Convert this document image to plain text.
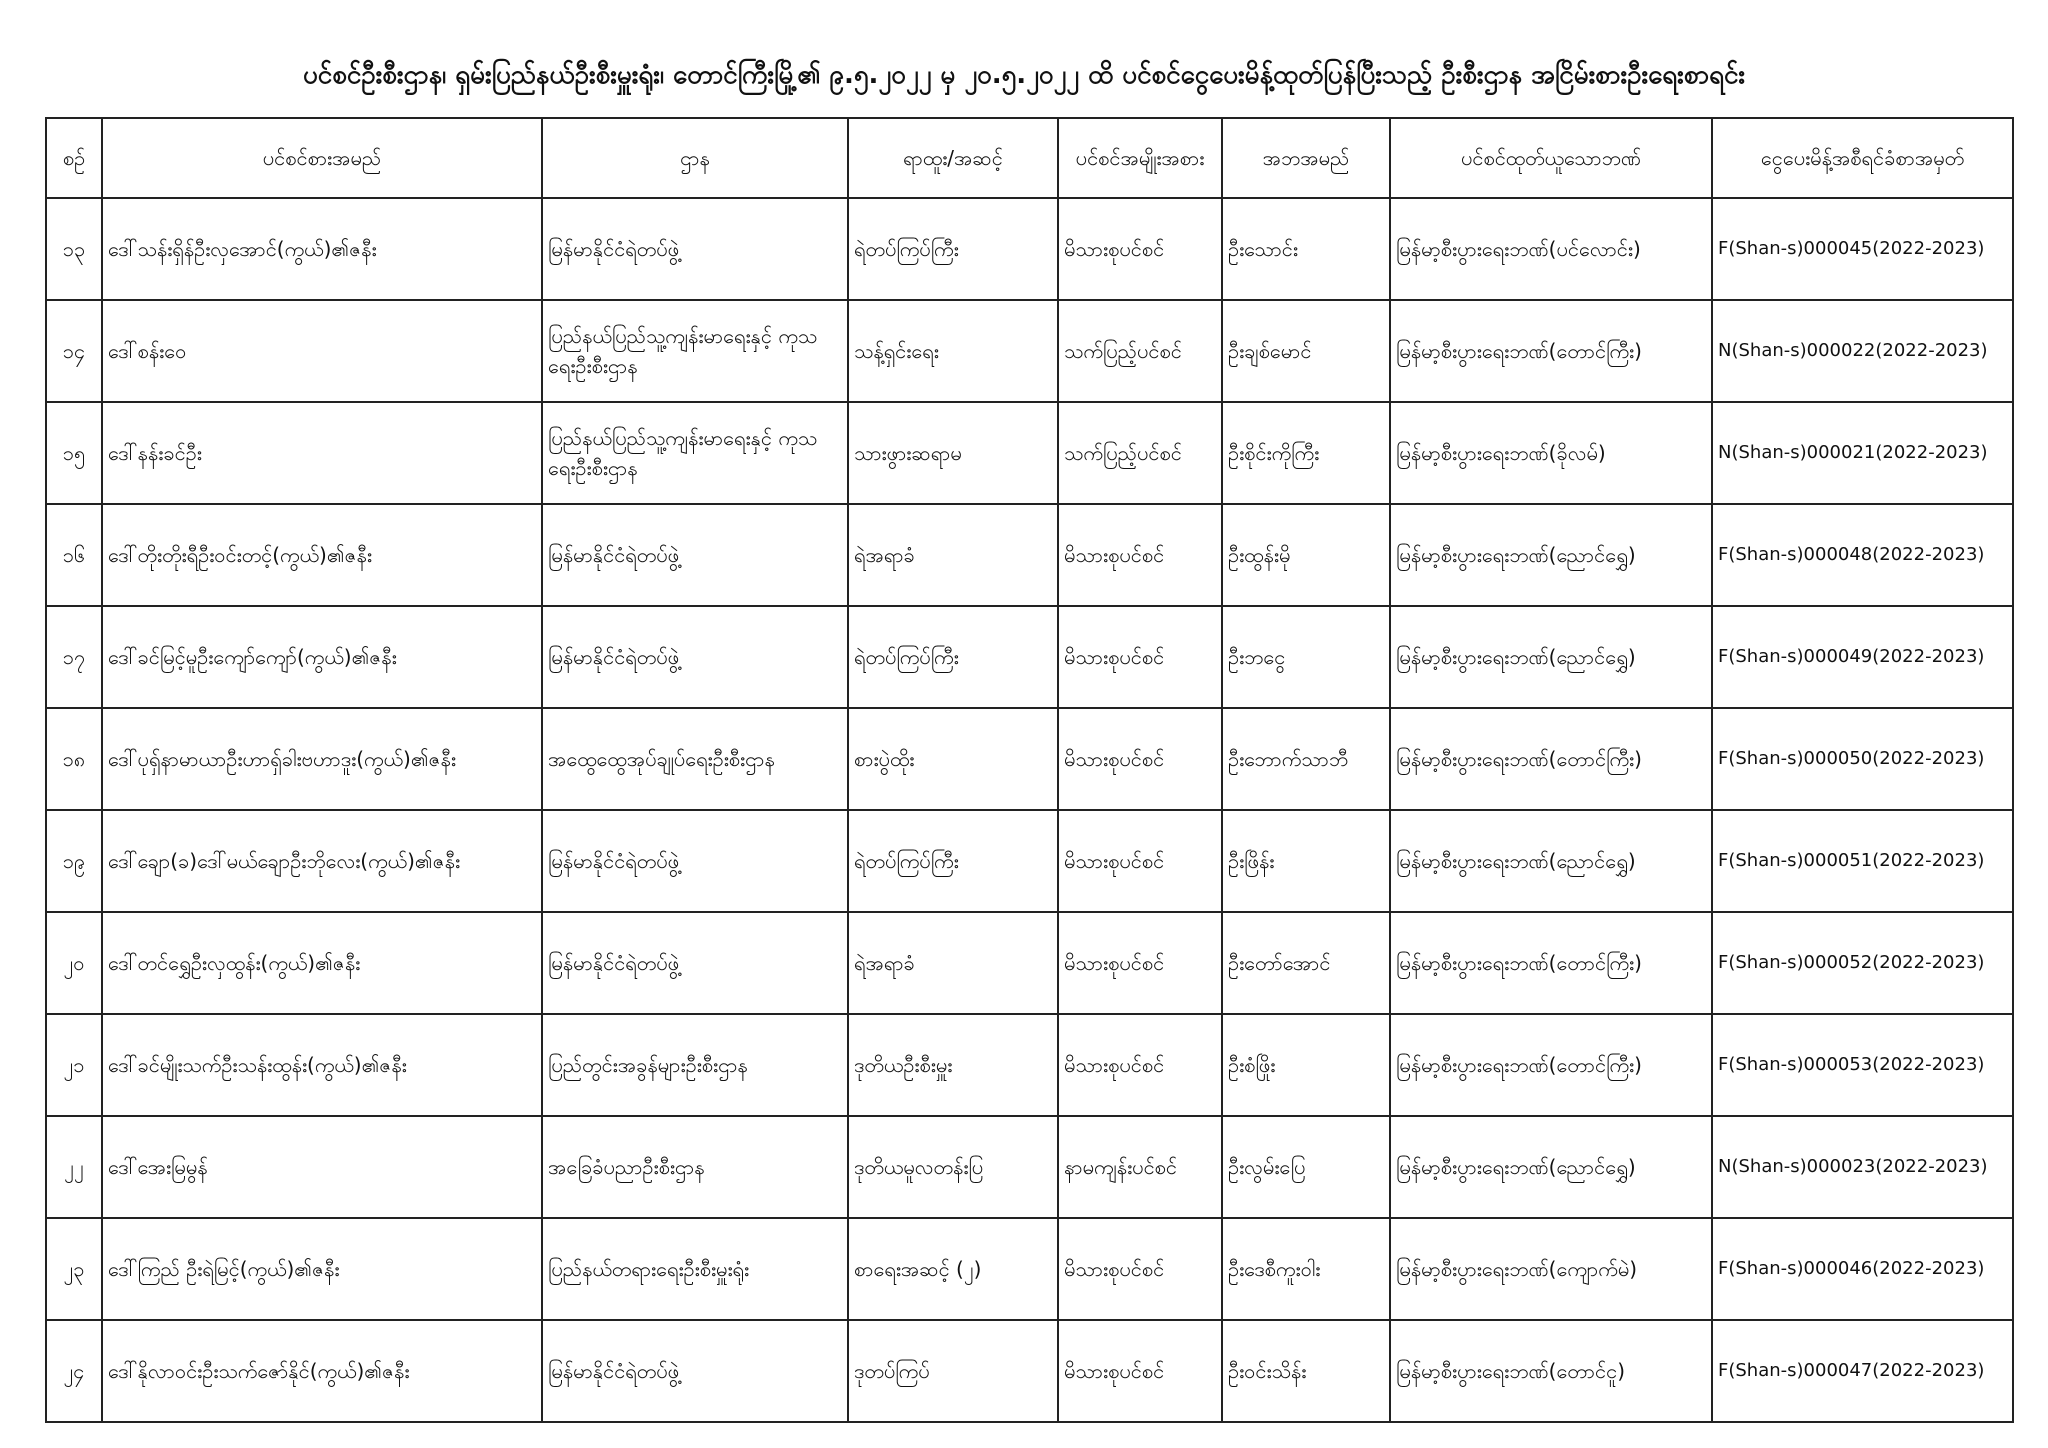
ပင်စင်ဦးစီးဌာန၊ ရှမ်းပြည်နယ်ဦးစီးမှူးရုံး၊ တောင်ကြီးမြို့၏ ၉.၅.၂၀၂၂ မှ ၂၀.၅.၂၀၂၂ ထိ ပင်စင်ငွေပေးမိန့်ထုတ်ပြန်ပြီးသည့် ဦးစီးဌာန အငြိမ်းစားဦးရေးစာရင်း
စဉ်	ပင်စင်စားအမည်	ဌာန	ရာထူး/အဆင့်	ပင်စင်အမျိုးအစား	အဘအမည်	ပင်စင်ထုတ်ယူသောဘဏ်	ငွေပေးမိန့်အစီရင်ခံစာအမှတ်
၁၃	ဒေါ်သန်းရှိန်ဦးလှအောင်(ကွယ်)၏ဇနီး	မြန်မာနိုင်ငံရဲတပ်ဖွဲ့	ရဲတပ်ကြပ်ကြီး	မိသားစုပင်စင်	ဦးသောင်း	မြန်မာ့စီးပွားရေးဘဏ်(ပင်လောင်း)	F(Shan-s)000045(2022-2023)
၁၄	ဒေါ်စန်းဝေ	ပြည်နယ်ပြည်သူ့ကျန်းမာရေးနှင့် ကုသရေးဦးစီးဌာန	သန့်ရှင်းရေး	သက်ပြည့်ပင်စင်	ဦးချစ်မောင်	မြန်မာ့စီးပွားရေးဘဏ်(တောင်ကြီး)	N(Shan-s)000022(2022-2023)
၁၅	ဒေါ်နန်းခင်ဦး	ပြည်နယ်ပြည်သူ့ကျန်းမာရေးနှင့် ကုသရေးဦးစီးဌာန	သားဖွားဆရာမ	သက်ပြည့်ပင်စင်	ဦးစိုင်းကိုကြီး	မြန်မာ့စီးပွားရေးဘဏ်(ခိုလမ်)	N(Shan-s)000021(2022-2023)
၁၆	ဒေါ်တိုးတိုးရီဦးဝင်းတင့်(ကွယ်)၏ဇနီး	မြန်မာနိုင်ငံရဲတပ်ဖွဲ့	ရဲအရာခံ	မိသားစုပင်စင်	ဦးထွန်းမို	မြန်မာ့စီးပွားရေးဘဏ်(ညောင်ရွှေ)	F(Shan-s)000048(2022-2023)
၁၇	ဒေါ်ခင်မြင့်မူဦးကျော်ကျော်(ကွယ်)၏ဇနီး	မြန်မာနိုင်ငံရဲတပ်ဖွဲ့	ရဲတပ်ကြပ်ကြီး	မိသားစုပင်စင်	ဦးဘငွေ	မြန်မာ့စီးပွားရေးဘဏ်(ညောင်ရွှေ)	F(Shan-s)000049(2022-2023)
၁၈	ဒေါ်ပုရှ်နာမာယာဦးဟာရှ်ခါးဗဟာဒူး(ကွယ်)၏ဇနီး	အထွေထွေအုပ်ချုပ်ရေးဦးစီးဌာန	စားပွဲထိုး	မိသားစုပင်စင်	ဦးဘောက်သာဘီ	မြန်မာ့စီးပွားရေးဘဏ်(တောင်ကြီး)	F(Shan-s)000050(2022-2023)
၁၉	ဒေါ်ချော(ခ)ဒေါ်မယ်ချောဦးဘိုလေး(ကွယ်)၏ဇနီး	မြန်မာနိုင်ငံရဲတပ်ဖွဲ့	ရဲတပ်ကြပ်ကြီး	မိသားစုပင်စင်	ဦးဖြိန်း	မြန်မာ့စီးပွားရေးဘဏ်(ညောင်ရွှေ)	F(Shan-s)000051(2022-2023)
၂၀	ဒေါ်တင်ရွှေဦးလှထွန်း(ကွယ်)၏ဇနီး	မြန်မာနိုင်ငံရဲတပ်ဖွဲ့	ရဲအရာခံ	မိသားစုပင်စင်	ဦးတော်အောင်	မြန်မာ့စီးပွားရေးဘဏ်(တောင်ကြီး)	F(Shan-s)000052(2022-2023)
၂၁	ဒေါ်ခင်မျိုးသက်ဦးသန်းထွန်း(ကွယ်)၏ဇနီး	ပြည်တွင်းအခွန်များဦးစီးဌာန	ဒုတိယဦးစီးမှူး	မိသားစုပင်စင်	ဦးစံဖြိုး	မြန်မာ့စီးပွားရေးဘဏ်(တောင်ကြီး)	F(Shan-s)000053(2022-2023)
၂၂	ဒေါ်အေးမြမွန်	အခြေခံပညာဦးစီးဌာန	ဒုတိယမူလတန်းပြ	နာမကျန်းပင်စင်	ဦးလွမ်းပြေ	မြန်မာ့စီးပွားရေးဘဏ်(ညောင်ရွှေ)	N(Shan-s)000023(2022-2023)
၂၃	ဒေါ်ကြည် ဦးရဲမြင့်(ကွယ်)၏ဇနီး	ပြည်နယ်တရားရေးဦးစီးမှူးရုံး	စာရေးအဆင့် (၂)	မိသားစုပင်စင်	ဦးဒေစီကူးဝါး	မြန်မာ့စီးပွားရေးဘဏ်(ကျောက်မဲ)	F(Shan-s)000046(2022-2023)
၂၄	ဒေါ်နိုလာဝင်းဦးသက်ဇော်နိုင်(ကွယ်)၏ဇနီး	မြန်မာနိုင်ငံရဲတပ်ဖွဲ့	ဒုတပ်ကြပ်	မိသားစုပင်စင်	ဦးဝင်းသိန်း	မြန်မာ့စီးပွားရေးဘဏ်(တောင်ငူ)	F(Shan-s)000047(2022-2023)
